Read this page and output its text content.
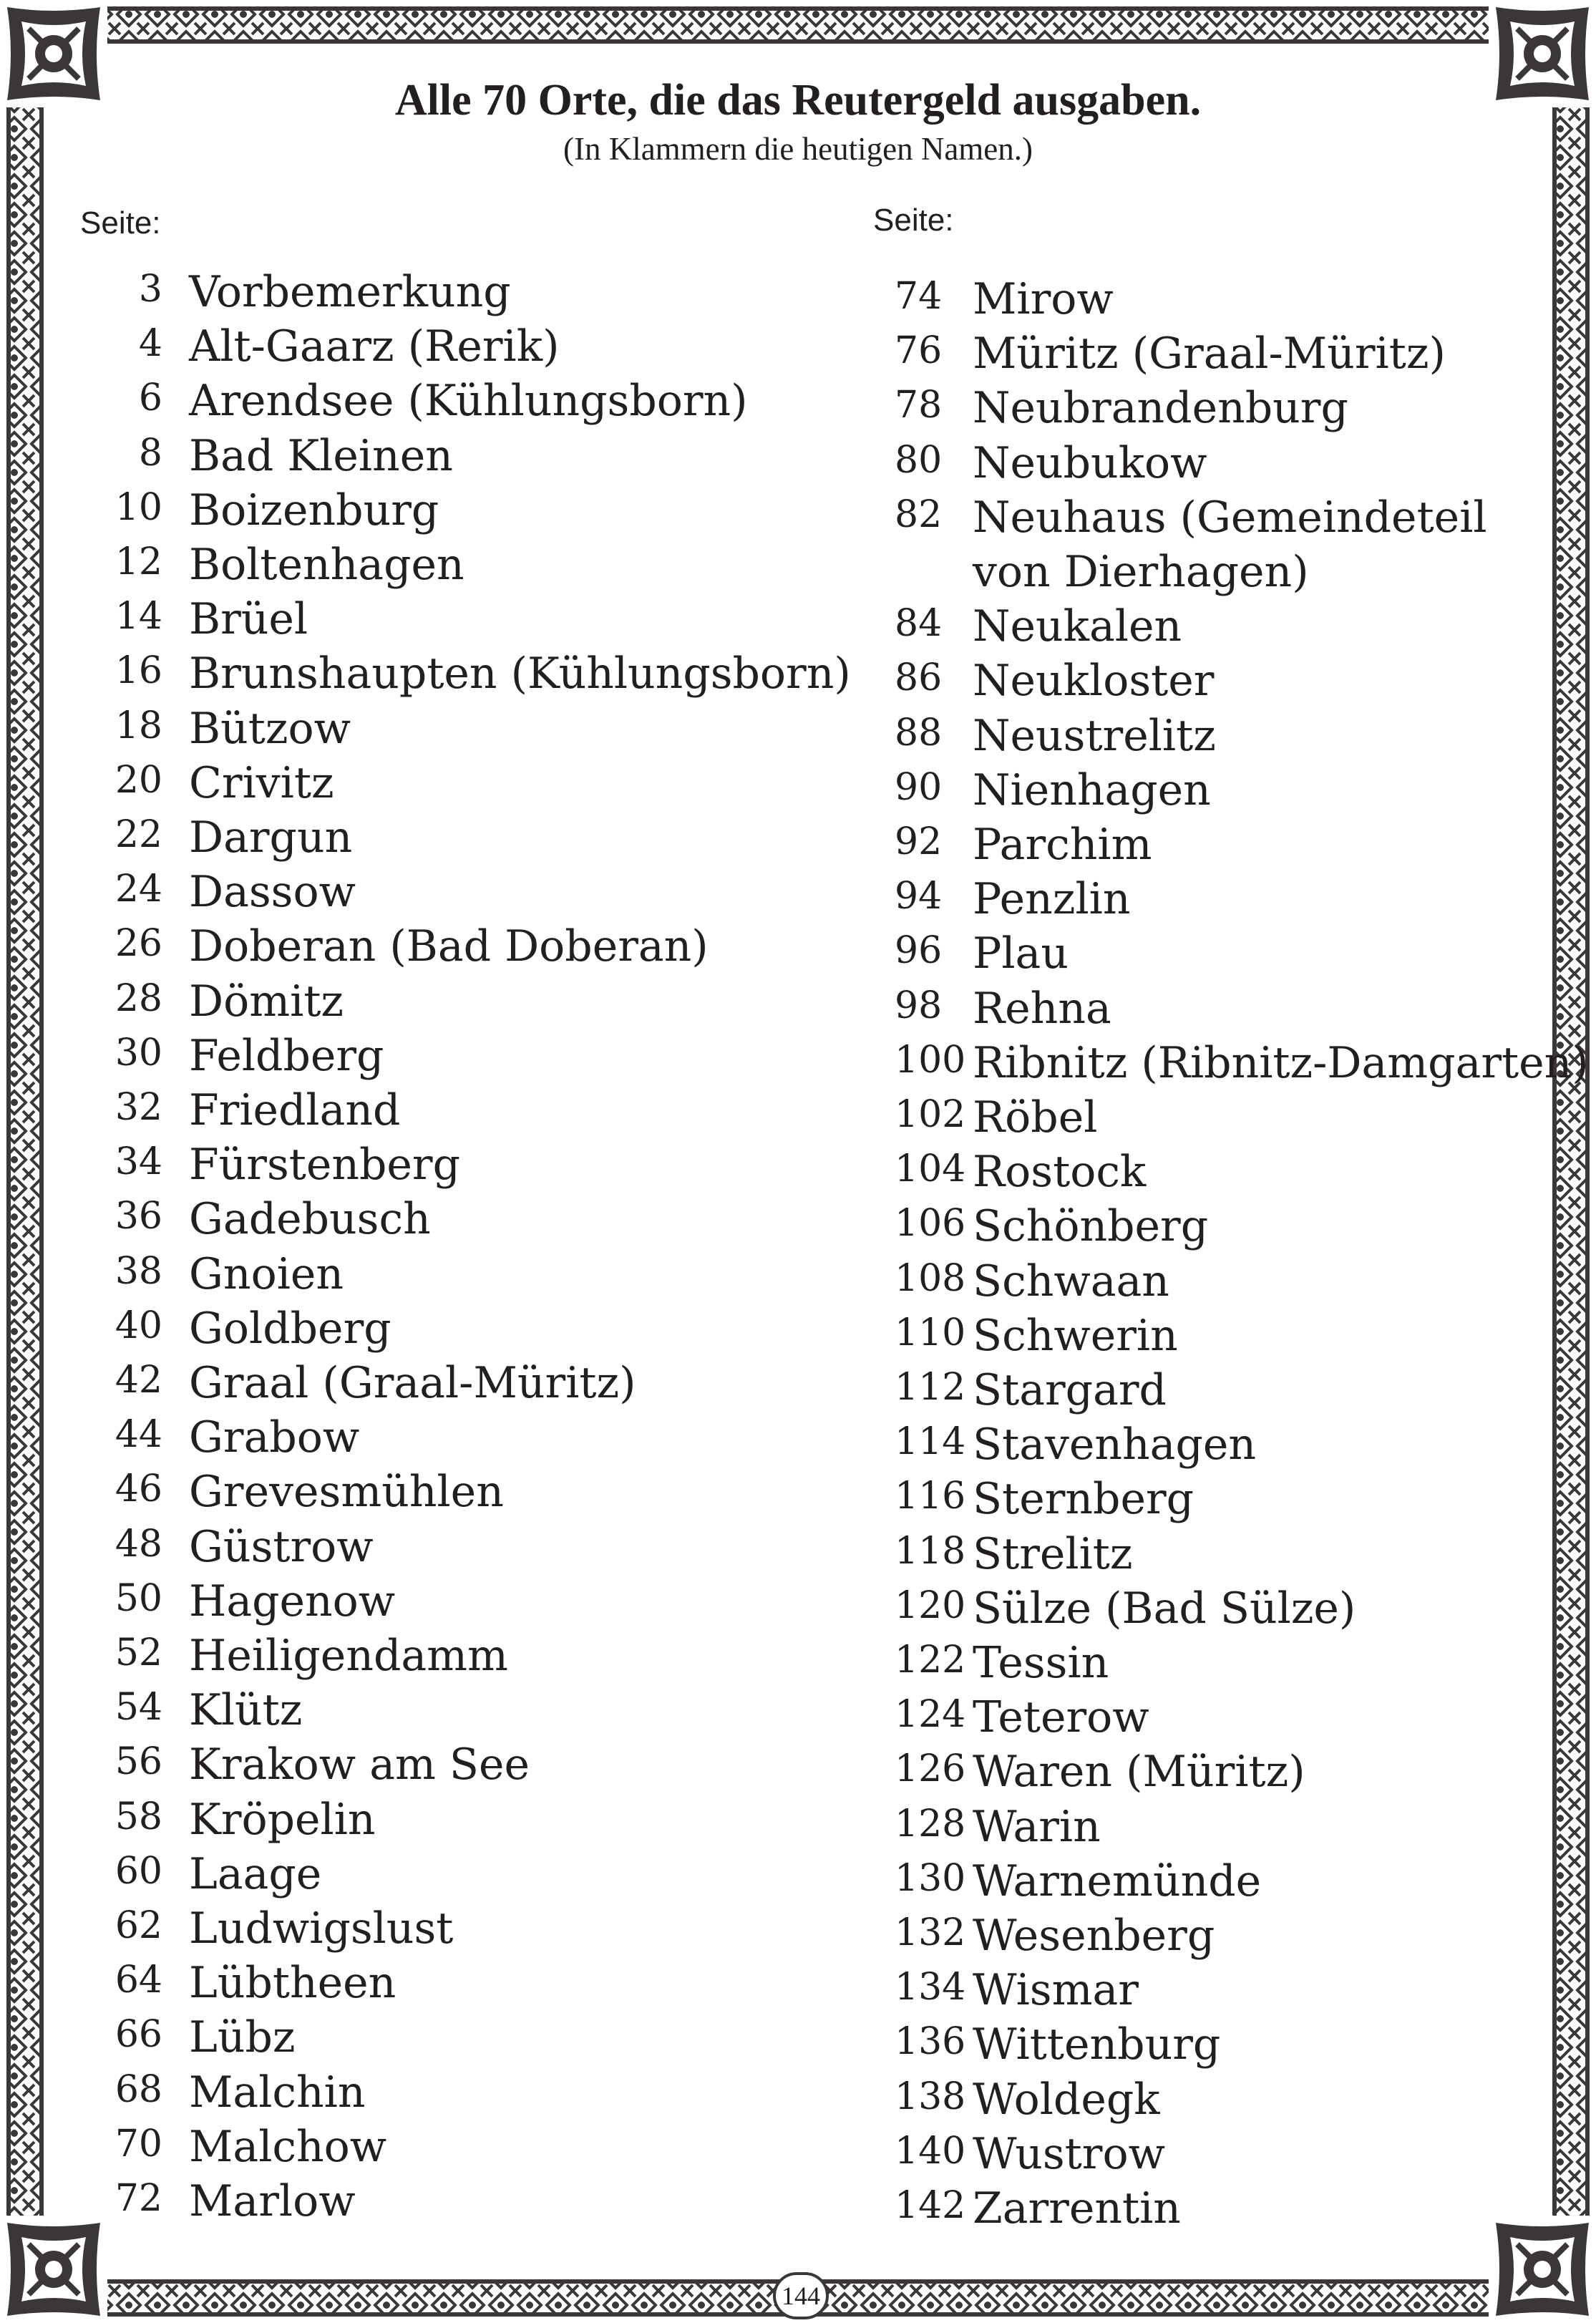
Alle 70 Orte, die das Reutergeld ausgaben.
(In Klammern die heutigen Namen.)
Seite:	Seite:
3 Vorbemerkung
4 Alt-Gaarz (Rerik)
6 Arendsee (Kühlungsborn)
8 Bad Kleinen
10 Boizenburg
12 Boltenhagen
14 Brüel
16 Brunshaupten (Kühlungsborn)
18 Bützow
20 Crivitz
22 Dargun
24 Dassow
26 Doberan (Bad Doberan)
28 Dömitz
30 Feldberg
32 Friedland
34 Fürstenberg
36 Gadebusch
38 Gnoien
40 Goldberg
42 Graal (Graal-Müritz)
44 Grabow
46 Grevesmühlen
48 Güstrow
50 Hagenow
52 Heiligendamm
54 Klütz
56 Krakow am See
58 Kröpelin
60 Laage
62 Ludwigslust
64 Lübtheen
66 Lübz
68 Malchin
70 Malchow
72 Marlow
74 Mirow
76 Müritz (Graal-Müritz)
78 Neubrandenburg
80 Neubukow
82 Neuhaus (Gemeindeteil
von Dierhagen)
84 Neukalen
86 Neukloster
88 Neustrelitz
90 Nienhagen
92 Parchim
94 Penzlin
96 Plau
98 Rehna
100 Ribnitz (Ribnitz-Damgarten)
102 Röbel
104 Rostock
106 Schönberg
108 Schwaan
110 Schwerin
112 Stargard
114 Stavenhagen
116 Sternberg
118 Strelitz
120 Sülze (Bad Sülze)
122 Tessin
124 Teterow
126 Waren (Müritz)
128 Warin
130 Warnemünde
132 Wesenberg
134 Wismar
136 Wittenburg
138 Woldegk
140 Wustrow
142 Zarrentin
144
